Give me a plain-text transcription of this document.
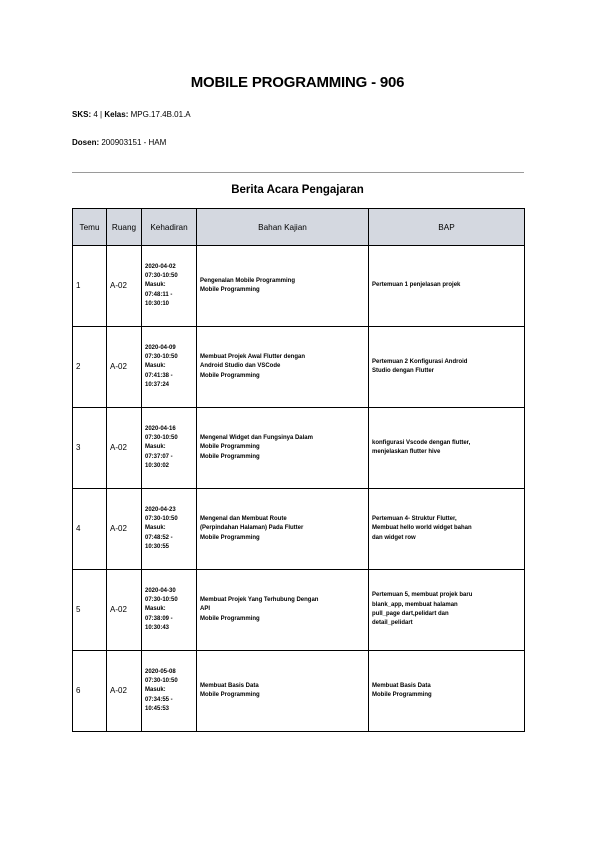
MOBILE PROGRAMMING - 906
SKS: 4 | Kelas: MPG.17.4B.01.A
Dosen: 200903151 - HAM
Berita Acara Pengajaran
Temu	Ruang	Kehadiran	Bahan Kajian	BAP
1	A-02	2020-04-02
07:30-10:50
Masuk:
07:48:11 -
10:30:10	Pengenalan Mobile Programming
Mobile Programming	Pertemuan 1 penjelasan projek

2	A-02	2020-04-09
07:30-10:50
Masuk:
07:41:38 -
10:37:24	Membuat Projek Awal Flutter dengan
Android Studio dan VSCode
Mobile Programming	Pertemuan 2 Konfigurasi Android
Studio dengan Flutter

3	A-02	2020-04-16
07:30-10:50
Masuk:
07:37:07 -
10:30:02	Mengenal Widget dan Fungsinya Dalam
Mobile Programming
Mobile Programming	konfigurasi Vscode dengan flutter,
menjelaskan flutter hive

4	A-02	2020-04-23
07:30-10:50
Masuk:
07:48:52 -
10:30:55	Mengenal dan Membuat Route
(Perpindahan Halaman) Pada Flutter
Mobile Programming	Pertemuan 4- Struktur Flutter,
Membuat hello world widget bahan
dan widget row

5	A-02	2020-04-30
07:30-10:50
Masuk:
07:38:09 -
10:30:43	Membuat Projek Yang Terhubung Dengan
API
Mobile Programming	Pertemuan 5, membuat projek baru
blank_app, membuat halaman
pull_page dart,pelidart dan
detail_pelidart

6	A-02	2020-05-08
07:30-10:50
Masuk:
07:34:55 -
10:45:53	Membuat Basis Data
Mobile Programming	Membuat Basis Data
Mobile Programming
